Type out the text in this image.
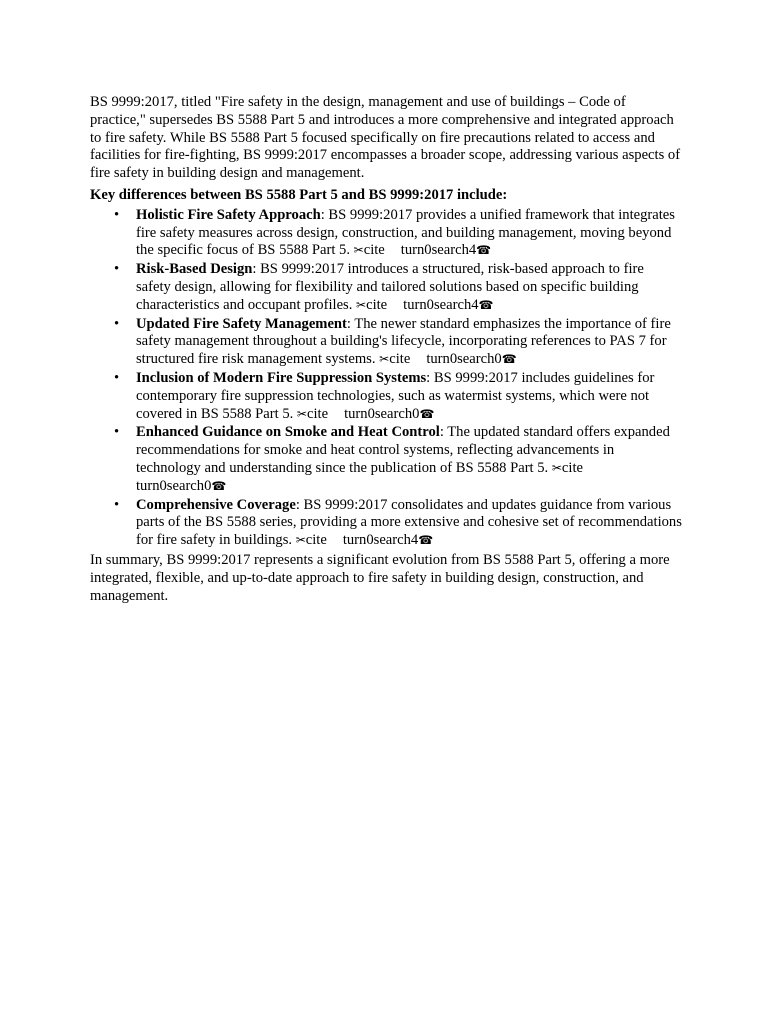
BS 9999:2017, titled "Fire safety in the design, management and use of buildings – Code of practice," supersedes BS 5588 Part 5 and introduces a more comprehensive and integrated approach to fire safety. While BS 5588 Part 5 focused specifically on fire precautions related to access and facilities for fire-fighting, BS 9999:2017 encompasses a broader scope, addressing various aspects of fire safety in building design and management.

Key differences between BS 5588 Part 5 and BS 9999:2017 include:

• Holistic Fire Safety Approach: BS 9999:2017 provides a unified framework that integrates fire safety measures across design, construction, and building management, moving beyond the specific focus of BS 5588 Part 5. ✂cite turn0search4☎
• Risk-Based Design: BS 9999:2017 introduces a structured, risk-based approach to fire safety design, allowing for flexibility and tailored solutions based on specific building characteristics and occupant profiles. ✂cite turn0search4☎
• Updated Fire Safety Management: The newer standard emphasizes the importance of fire safety management throughout a building's lifecycle, incorporating references to PAS 7 for structured fire risk management systems. ✂cite turn0search0☎
• Inclusion of Modern Fire Suppression Systems: BS 9999:2017 includes guidelines for contemporary fire suppression technologies, such as watermist systems, which were not covered in BS 5588 Part 5. ✂cite turn0search0☎
• Enhanced Guidance on Smoke and Heat Control: The updated standard offers expanded recommendations for smoke and heat control systems, reflecting advancements in technology and understanding since the publication of BS 5588 Part 5. ✂citeturn0search0☎
• Comprehensive Coverage: BS 9999:2017 consolidates and updates guidance from various parts of the BS 5588 series, providing a more extensive and cohesive set of recommendations for fire safety in buildings. ✂cite turn0search4☎

In summary, BS 9999:2017 represents a significant evolution from BS 5588 Part 5, offering a more integrated, flexible, and up-to-date approach to fire safety in building design, construction, and management.
